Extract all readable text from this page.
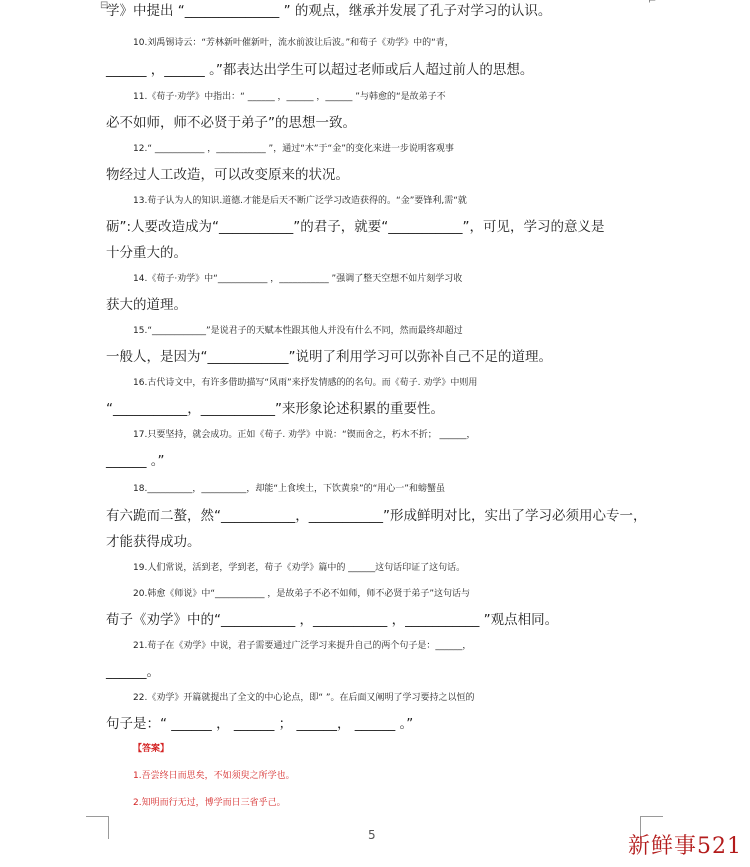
⊟	⌐
学》中提出 “______________ ” 的观点，继承并发展了孔子对学习的认识。
10.刘禹锡诗云：“芳林新叶催新叶，流水前波让后波。”和荀子《劝学》中的“青，
______ ，______ 。”都表达出学生可以超过老师或后人超过前人的思想。
11.《荀子·劝学》中指出：“ ______ ，______ ，______ ”与韩愈的“是故弟子不
必不如师，师不必贤于弟子”的思想一致。
12.“ ___________ ，___________ ”，通过“木”于“金”的变化来进一步说明客观事
物经过人工改造，可以改变原来的状况。
13.荀子认为人的知识.道德.才能是后天不断广泛学习改造获得的。“金”要锋利,需“就
砺”:人要改造成为“___________”的君子，就要“___________”，可见，学习的意义是
十分重大的。
14.《荀子·劝学》中“___________ ，___________ ”强调了整天空想不如片刻学习收
获大的道理。
15.“____________”是说君子的天赋本性跟其他人并没有什么不同，然而最终却超过
一般人，是因为“____________”说明了利用学习可以弥补自己不足的道理。
16.古代诗文中，有许多借助描写“风雨”来抒发情感的的名句。而《荀子. 劝学》中则用
“___________，___________”来形象论述积累的重要性。
17.只要坚持，就会成功。正如《荀子. 劝学》中说：“锲而舍之，朽木不折； ______，
______ 。”
18.__________，__________，却能“上食埃土，下饮黄泉”的“用心一”和螃蟹虽
有六跪而二螯，然“___________，___________”形成鲜明对比，实出了学习必须用心专一，
才能获得成功。
19.人们常说，活到老，学到老，荀子《劝学》篇中的 ______这句话印证了这句话。
20.韩愈《师说》中“___________ ，是故弟子不必不如师，师不必贤于弟子”这句话与
荀子《劝学》中的“___________ ，___________ ，___________ ”观点相同。
21.荀子在《劝学》中说，君子需要通过广泛学习来提升自己的两个句子是：______，
______。
22.《劝学》开篇就提出了全文的中心论点，即“ ”。在后面又阐明了学习要持之以恒的
句子是：“ ______ ， ______ ； ______， ______ 。”
【答案】
1.吾尝终日而思矣，不如须臾之所学也。
2.知明而行无过，博学而日三省乎己。
5	新鲜事521
